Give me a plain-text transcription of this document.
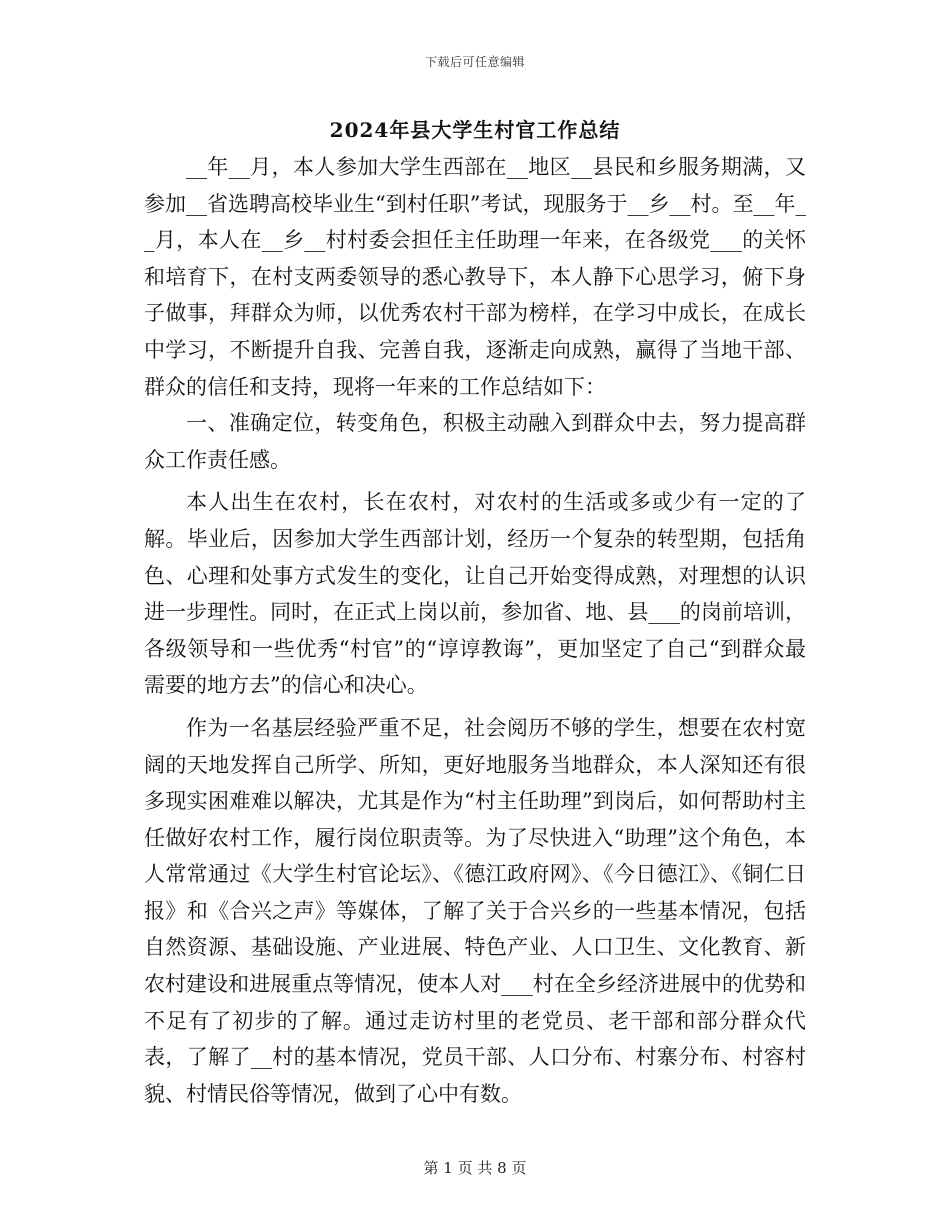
下载后可任意编辑
2024年县大学生村官工作总结

__年__月，本人参加大学生西部在__地区__县民和乡服务期满，又参加__省选聘高校毕业生“到村任职”考试，现服务于__乡__村。至__年__月，本人在__乡__村村委会担任主任助理一年来，在各级党___的关怀和培育下，在村支两委领导的悉心教导下，本人静下心思学习，俯下身子做事，拜群众为师，以优秀农村干部为榜样，在学习中成长，在成长中学习，不断提升自我、完善自我，逐渐走向成熟，赢得了当地干部、群众的信任和支持，现将一年来的工作总结如下：

一、准确定位，转变角色，积极主动融入到群众中去，努力提高群众工作责任感。

本人出生在农村，长在农村，对农村的生活或多或少有一定的了解。毕业后，因参加大学生西部计划，经历一个复杂的转型期，包括角色、心理和处事方式发生的变化，让自己开始变得成熟，对理想的认识进一步理性。同时，在正式上岗以前，参加省、地、县___的岗前培训，各级领导和一些优秀“村官”的“谆谆教诲”，更加坚定了自己“到群众最需要的地方去”的信心和决心。

作为一名基层经验严重不足，社会阅历不够的学生，想要在农村宽阔的天地发挥自己所学、所知，更好地服务当地群众，本人深知还有很多现实困难难以解决，尤其是作为“村主任助理”到岗后，如何帮助村主任做好农村工作，履行岗位职责等。为了尽快进入“助理”这个角色，本人常常通过《大学生村官论坛》、《德江政府网》、《今日德江》、《铜仁日报》和《合兴之声》等媒体，了解了关于合兴乡的一些基本情况，包括自然资源、基础设施、产业进展、特色产业、人口卫生、文化教育、新农村建设和进展重点等情况，使本人对___村在全乡经济进展中的优势和不足有了初步的了解。通过走访村里的老党员、老干部和部分群众代表，了解了__村的基本情况，党员干部、人口分布、村寨分布、村容村貌、村情民俗等情况，做到了心中有数。

第 1 页 共 8 页
